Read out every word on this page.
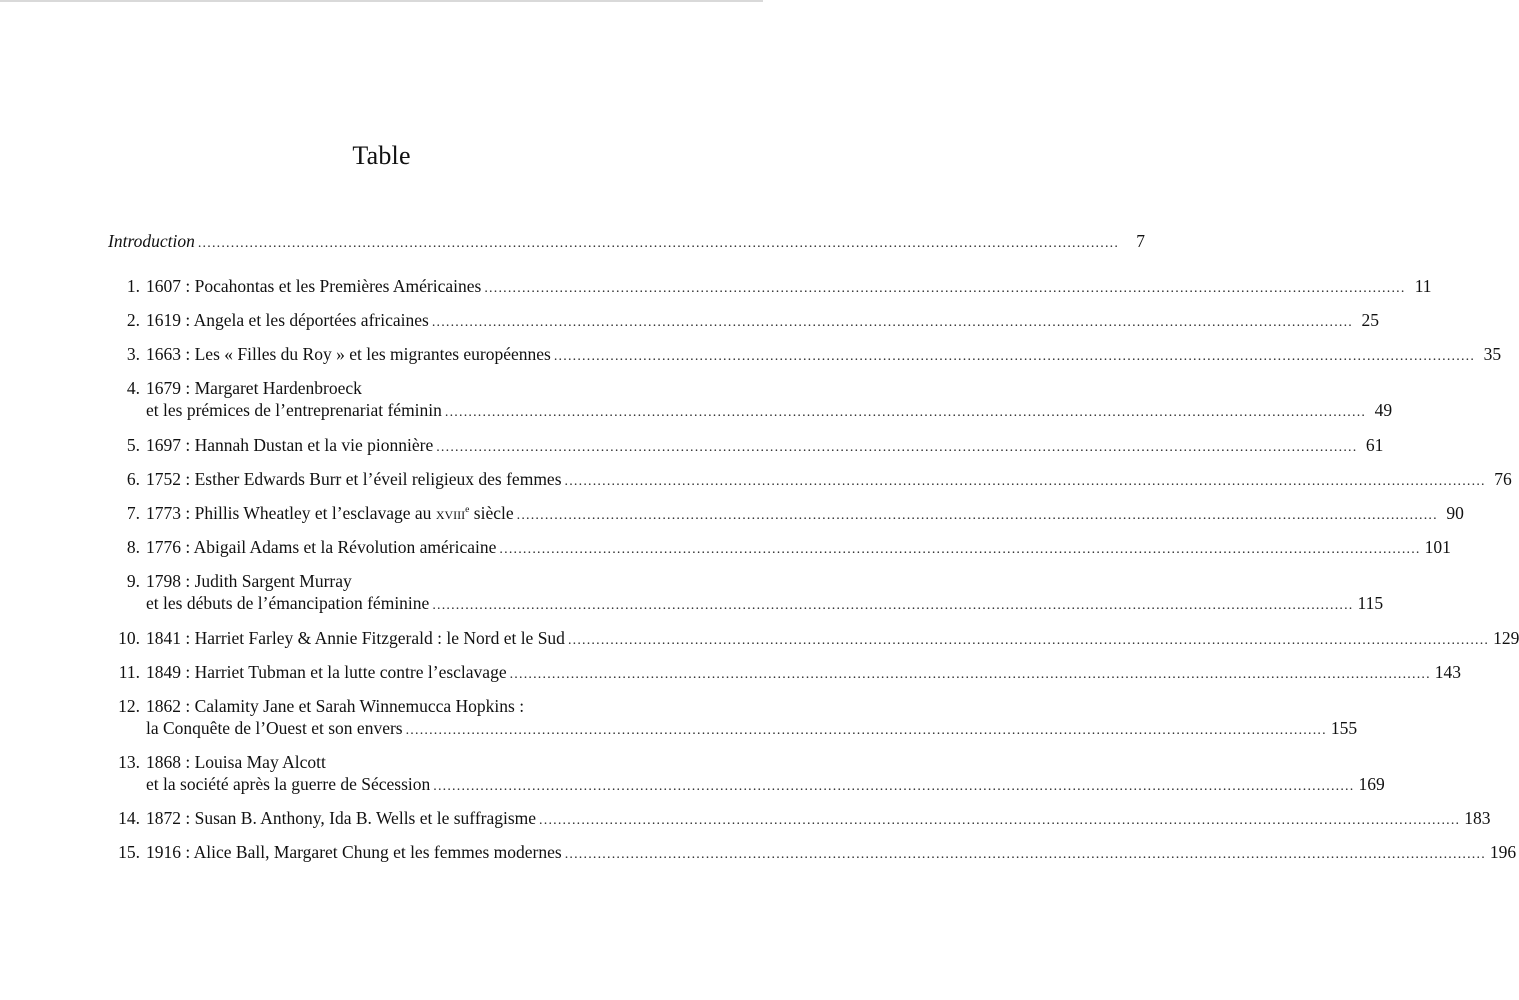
Table
Introduction .....	7
1. 1607 : Pocahontas et les Premières Américaines .....	11
2. 1619 : Angela et les déportées africaines .....	25
3. 1663 : Les « Filles du Roy » et les migrantes européennes .....	35
4. 1679 : Margaret Hardenbroeck
et les prémices de l’entreprenariat féminin .....	49
5. 1697 : Hannah Dustan et la vie pionnière .....	61
6. 1752 : Esther Edwards Burr et l’éveil religieux des femmes .....	76
7. 1773 : Phillis Wheatley et l’esclavage au xviii$^e$ siècle .....	90
8. 1776 : Abigail Adams et la Révolution américaine .....	101
9. 1798 : Judith Sargent Murray
et les débuts de l’émancipation féminine .....	115
10. 1841 : Harriet Farley & Annie Fitzgerald : le Nord et le Sud .....	129
11. 1849 : Harriet Tubman et la lutte contre l’esclavage .....	143
12. 1862 : Calamity Jane et Sarah Winnemucca Hopkins :
la Conquête de l’Ouest et son envers .....	155
13. 1868 : Louisa May Alcott
et la société après la guerre de Sécession .....	169
14. 1872 : Susan B. Anthony, Ida B. Wells et le suffragisme .....	183
15. 1916 : Alice Ball, Margaret Chung et les femmes modernes .....	196
